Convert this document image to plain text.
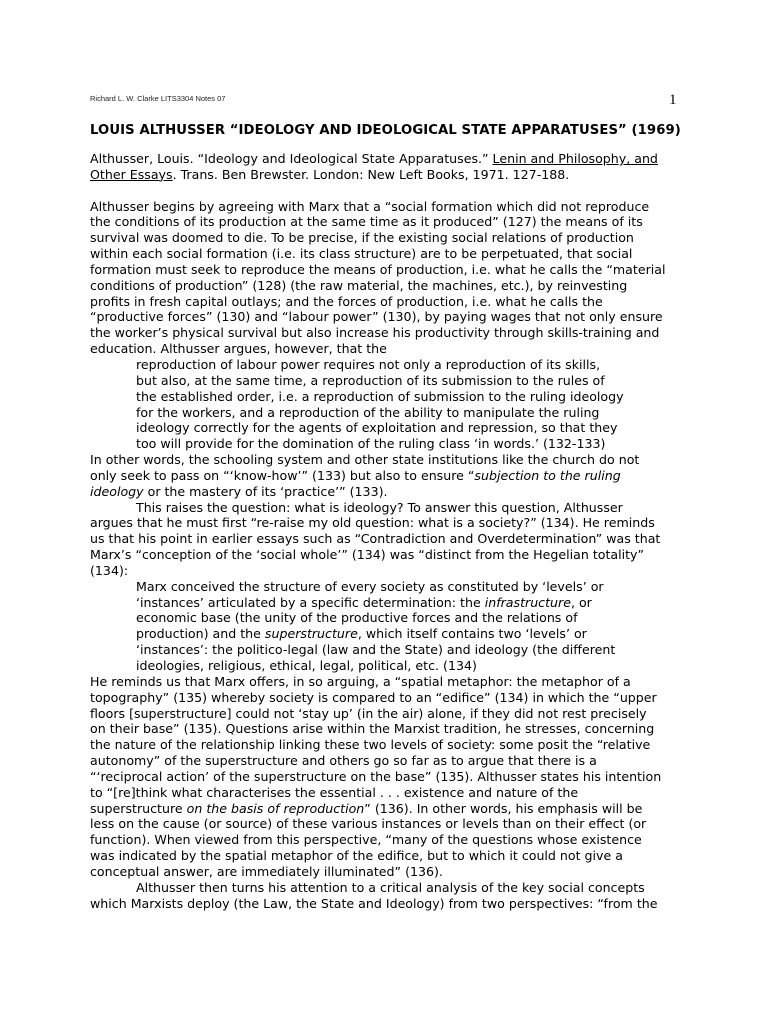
Richard L. W. Clarke LITS3304 Notes 07	1
LOUIS ALTHUSSER “IDEOLOGY AND IDEOLOGICAL STATE APPARATUSES” (1969)
Althusser, Louis. “Ideology and Ideological State Apparatuses.” Lenin and Philosophy, and
Other Essays. Trans. Ben Brewster. London: New Left Books, 1971. 127-188.
Althusser begins by agreeing with Marx that a “social formation which did not reproduce
the conditions of its production at the same time as it produced” (127) the means of its
survival was doomed to die. To be precise, if the existing social relations of production
within each social formation (i.e. its class structure) are to be perpetuated, that social
formation must seek to reproduce the means of production, i.e. what he calls the “material
conditions of production” (128) (the raw material, the machines, etc.), by reinvesting
profits in fresh capital outlays; and the forces of production, i.e. what he calls the
“productive forces” (130) and “labour power” (130), by paying wages that not only ensure
the worker’s physical survival but also increase his productivity through skills-training and
education. Althusser argues, however, that the
reproduction of labour power requires not only a reproduction of its skills,
but also, at the same time, a reproduction of its submission to the rules of
the established order, i.e. a reproduction of submission to the ruling ideology
for the workers, and a reproduction of the ability to manipulate the ruling
ideology correctly for the agents of exploitation and repression, so that they
too will provide for the domination of the ruling class ‘in words.’ (132-133)
In other words, the schooling system and other state institutions like the church do not
only seek to pass on “‘know-how’” (133) but also to ensure “subjection to the ruling
ideology or the mastery of its ‘practice’” (133).
This raises the question: what is ideology? To answer this question, Althusser
argues that he must first “re-raise my old question: what is a society?” (134). He reminds
us that his point in earlier essays such as “Contradiction and Overdetermination” was that
Marx’s “conception of the ‘social whole’” (134) was “distinct from the Hegelian totality”
(134):
Marx conceived the structure of every society as constituted by ‘levels’ or
‘instances’ articulated by a specific determination: the infrastructure, or
economic base (the unity of the productive forces and the relations of
production) and the superstructure, which itself contains two ‘levels’ or
‘instances’: the politico-legal (law and the State) and ideology (the different
ideologies, religious, ethical, legal, political, etc. (134)
He reminds us that Marx offers, in so arguing, a “spatial metaphor: the metaphor of a
topography” (135) whereby society is compared to an “edifice” (134) in which the “upper
floors [superstructure] could not ‘stay up’ (in the air) alone, if they did not rest precisely
on their base” (135). Questions arise within the Marxist tradition, he stresses, concerning
the nature of the relationship linking these two levels of society: some posit the “relative
autonomy” of the superstructure and others go so far as to argue that there is a
“‘reciprocal action’ of the superstructure on the base” (135). Althusser states his intention
to “[re]think what characterises the essential . . . existence and nature of the
superstructure on the basis of reproduction” (136). In other words, his emphasis will be
less on the cause (or source) of these various instances or levels than on their effect (or
function). When viewed from this perspective, “many of the questions whose existence
was indicated by the spatial metaphor of the edifice, but to which it could not give a
conceptual answer, are immediately illuminated” (136).
Althusser then turns his attention to a critical analysis of the key social concepts
which Marxists deploy (the Law, the State and Ideology) from two perspectives: “from the
